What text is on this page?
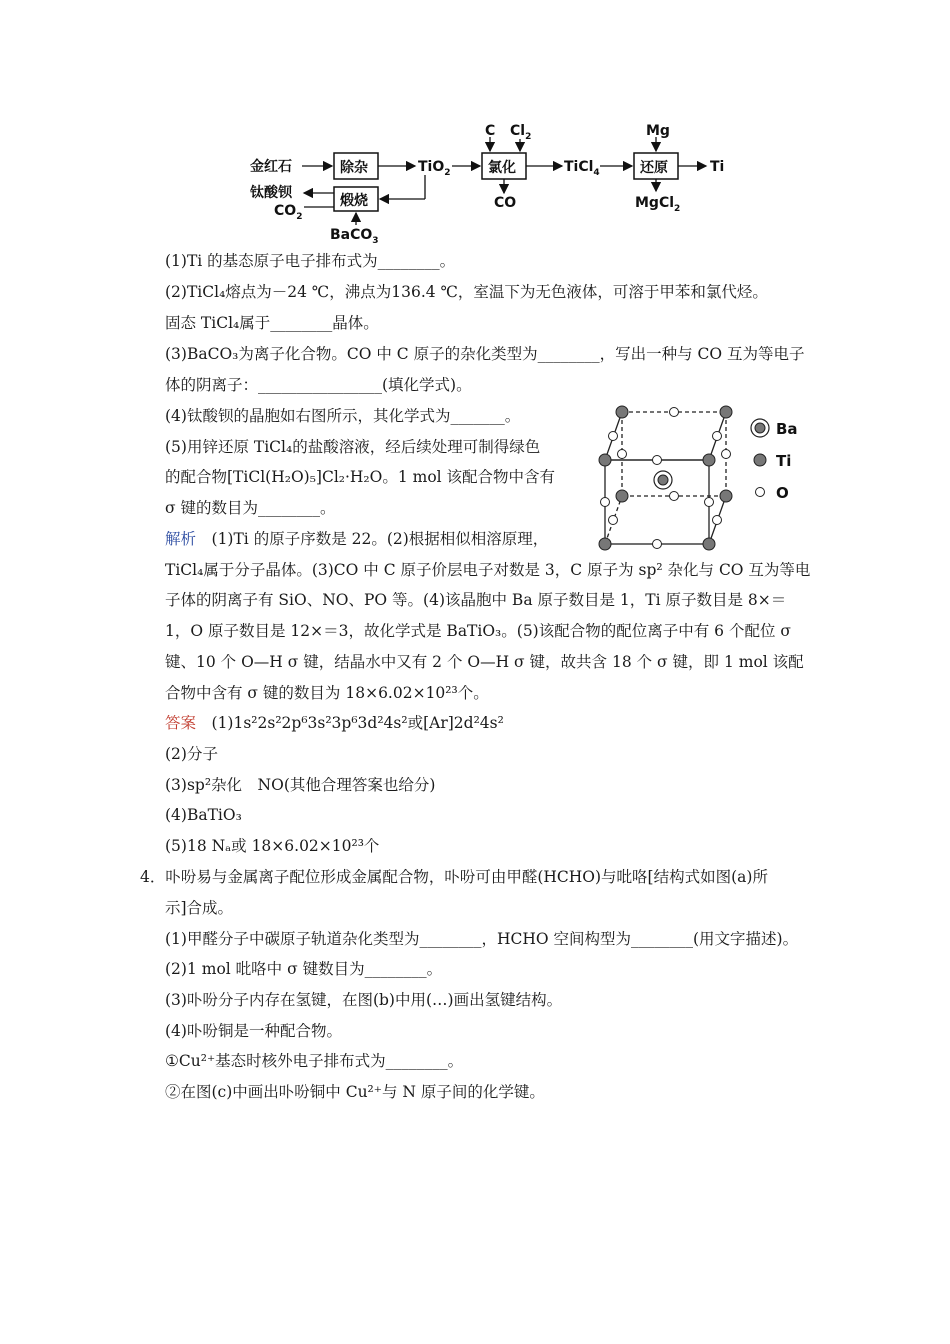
金红石	除杂	TiO$_2$	氯化
C $Cl_2$
CO
TiCl$_4$	还原
Mg
MgCl$_2$
Ti
煅烧
钛酸钡
$CO_2$
BaCO$_3$
Ba
Ti
O
(1)Ti 的基态原子电子排布式为________。
(2)TiCl₄熔点为－24 ℃，沸点为136.4 ℃，室温下为无色液体，可溶于甲苯和氯代烃。
固态 TiCl₄属于________晶体。
(3)BaCO₃为离子化合物。CO 中 C 原子的杂化类型为________，写出一种与 CO 互为等电子
体的阴离子：________________(填化学式)。
(4)钛酸钡的晶胞如右图所示，其化学式为_______。
(5)用锌还原 TiCl₄的盐酸溶液，经后续处理可制得绿色
的配合物[TiCl(H₂O)₅]Cl₂·H₂O。1 mol 该配合物中含有
σ 键的数目为________。
解析　(1)Ti 的原子序数是 22。(2)根据相似相溶原理，
TiCl₄属于分子晶体。(3)CO 中 C 原子价层电子对数是 3，C 原子为 sp² 杂化与 CO 互为等电
子体的阴离子有 SiO、NO、PO 等。(4)该晶胞中 Ba 原子数目是 1，Ti 原子数目是 8×＝
1，O 原子数目是 12×＝3，故化学式是 BaTiO₃。(5)该配合物的配位离子中有 6 个配位 σ
键、10 个 O—H σ 键，结晶水中又有 2 个 O—H σ 键，故共含 18 个 σ 键，即 1 mol 该配
合物中含有 σ 键的数目为 18×6.02×10²³个。
答案　(1)1s²2s²2p⁶3s²3p⁶3d²4s²或[Ar]2d²4s²
(2)分子
(3)sp²杂化　NO(其他合理答案也给分)
(4)BaTiO₃
(5)18 Nₐ或 18×6.02×10²³个
4．卟吩易与金属离子配位形成金属配合物，卟吩可由甲醛(HCHO)与吡咯[结构式如图(a)所
示]合成。
(1)甲醛分子中碳原子轨道杂化类型为________，HCHO 空间构型为________(用文字描述)。
(2)1 mol 吡咯中 σ 键数目为________。
(3)卟吩分子内存在氢键，在图(b)中用(…)画出氢键结构。
(4)卟吩铜是一种配合物。
①Cu²⁺基态时核外电子排布式为________。
②在图(c)中画出卟吩铜中 Cu²⁺与 N 原子间的化学键。
